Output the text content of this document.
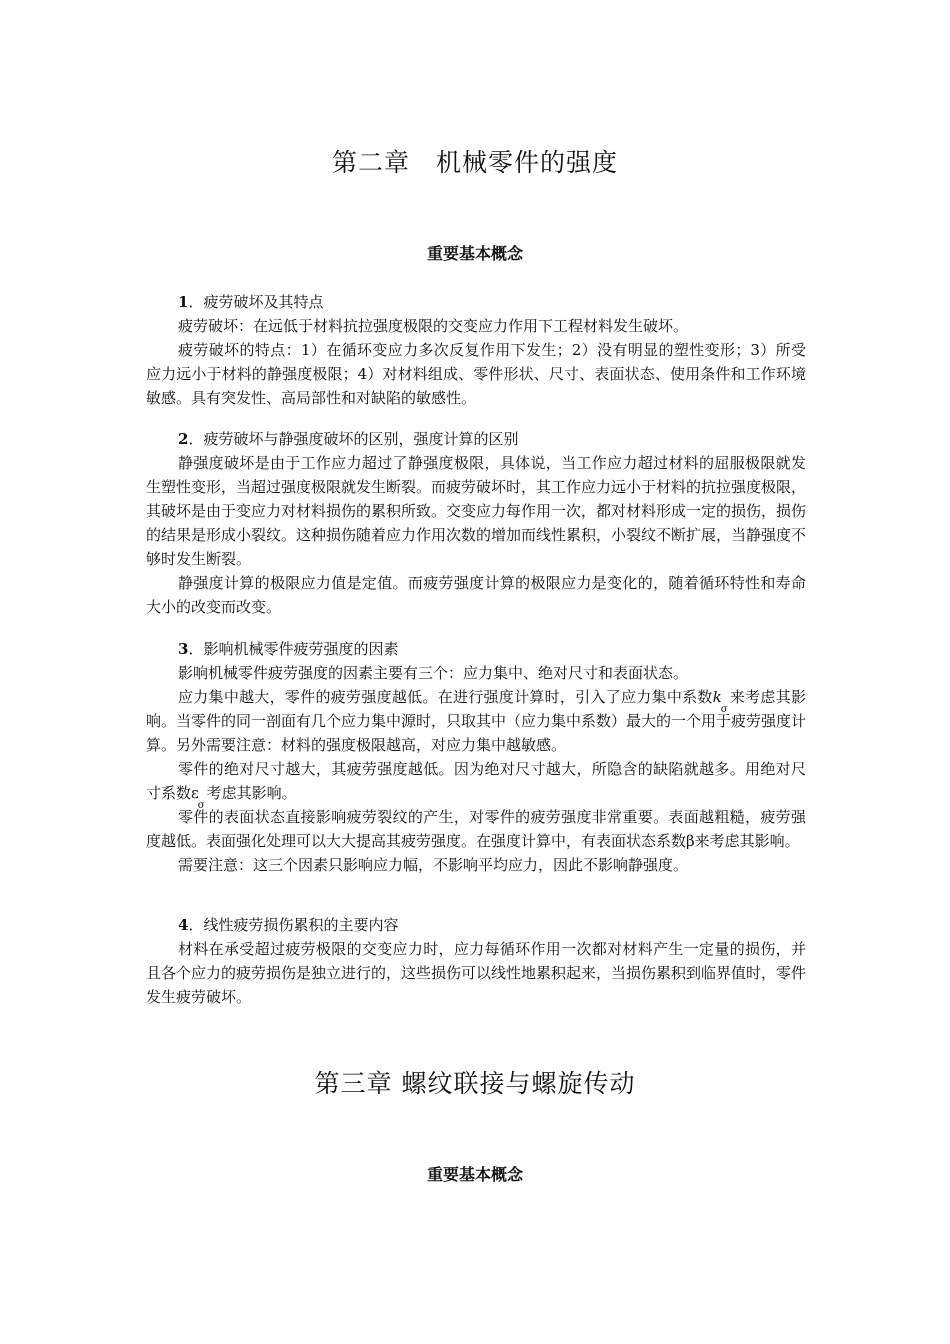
第二章　机械零件的强度
重要基本概念

1．疲劳破坏及其特点

疲劳破坏：在远低于材料抗拉强度极限的交变应力作用下工程材料发生破坏。

疲劳破坏的特点：1）在循环变应力多次反复作用下发生；2）没有明显的塑性变形；3）所受应力远小于材料的静强度极限；4）对材料组成、零件形状、尺寸、表面状态、使用条件和工作环境敏感。具有突发性、高局部性和对缺陷的敏感性。

2．疲劳破坏与静强度破坏的区别，强度计算的区别

静强度破坏是由于工作应力超过了静强度极限，具体说，当工作应力超过材料的屈服极限就发生塑性变形，当超过强度极限就发生断裂。而疲劳破坏时，其工作应力远小于材料的抗拉强度极限，其破坏是由于变应力对材料损伤的累积所致。交变应力每作用一次，都对材料形成一定的损伤，损伤的结果是形成小裂纹。这种损伤随着应力作用次数的增加而线性累积，小裂纹不断扩展，当静强度不够时发生断裂。

静强度计算的极限应力值是定值。而疲劳强度计算的极限应力是变化的，随着循环特性和寿命大小的改变而改变。

3．影响机械零件疲劳强度的因素

影响机械零件疲劳强度的因素主要有三个：应力集中、绝对尺寸和表面状态。

应力集中越大，零件的疲劳强度越低。在进行强度计算时，引入了应力集中系数$k_\sigma$来考虑其影响。当零件的同一剖面有几个应力集中源时，只取其中（应力集中系数）最大的一个用于疲劳强度计算。另外需要注意：材料的强度极限越高，对应力集中越敏感。

零件的绝对尺寸越大，其疲劳强度越低。因为绝对尺寸越大，所隐含的缺陷就越多。用绝对尺寸系数$\varepsilon_\sigma$考虑其影响。

零件的表面状态直接影响疲劳裂纹的产生，对零件的疲劳强度非常重要。表面越粗糙，疲劳强度越低。表面强化处理可以大大提高其疲劳强度。在强度计算中，有表面状态系数β来考虑其影响。

需要注意：这三个因素只影响应力幅，不影响平均应力，因此不影响静强度。

4．线性疲劳损伤累积的主要内容

材料在承受超过疲劳极限的交变应力时，应力每循环作用一次都对材料产生一定量的损伤，并且各个应力的疲劳损伤是独立进行的，这些损伤可以线性地累积起来，当损伤累积到临界值时，零件发生疲劳破坏。

第三章 螺纹联接与螺旋传动
重要基本概念
